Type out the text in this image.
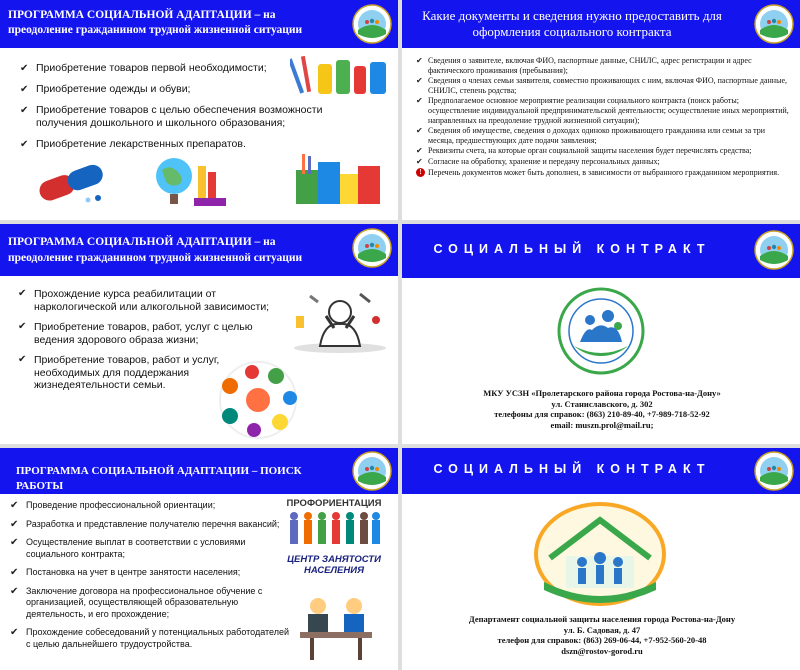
ПРОГРАММА СОЦИАЛЬНОЙ АДАПТАЦИИ – на преодоление гражданином трудной жизненной ситуации
✔ Приобретение товаров первой необходимости;
✔ Приобретение одежды и обуви;
✔ Приобретение товаров с целью обеспечения возможности получения дошкольного и школьного образования;
✔ Приобретение лекарственных препаратов.
Какие документы и сведения нужно предоставить для оформления социального контракта
✔ Сведения о заявителе, включая ФИО, паспортные данные, СНИЛС, адрес регистрации и адрес фактического проживания (пребывания);
✔ Сведения о членах семьи заявителя, совместно проживающих с ним, включая ФИО, паспортные данные, СНИЛС, степень родства;
✔ Предполагаемое основное мероприятие реализации социального контракта (поиск работы; осуществление индивидуальной предпринимательской деятельности; осуществление иных мероприятий, направленных на преодоление трудной жизненной ситуации);
✔ Сведения об имуществе, сведения о доходах одиноко проживающего гражданина или семьи за три месяца, предшествующих дате подачи заявления;
✔ Реквизиты счета, на которые орган социальной защиты населения будет перечислять средства;
✔ Согласие на обработку, хранение и передачу персональных данных;
! Перечень документов может быть дополнен, в зависимости от выбранного гражданином мероприятия.
ПРОГРАММА СОЦИАЛЬНОЙ АДАПТАЦИИ – на преодоление гражданином трудной жизненной ситуации
✔ Прохождение курса реабилитации от наркологической или алкогольной зависимости;
✔ Приобретение товаров, работ, услуг с целью ведения здорового образа жизни;
✔ Приобретение товаров, работ и услуг, необходимых для поддержания жизнедеятельности семьи.
СОЦИАЛЬНЫЙ КОНТРАКТ
МКУ УСЗН «Пролетарского района города Ростова-на-Дону»
ул. Станиславского, д. 302
телефоны для справок: (863) 210-89-40, +7-989-718-52-92
email: muszn.prol@mail.ru;
ПРОГРАММА СОЦИАЛЬНОЙ АДАПТАЦИИ – ПОИСК РАБОТЫ
✔ Проведение профессиональной ориентации;
✔ Разработка и представление получателю перечня вакансий;
✔ Осуществление выплат в соответствии с условиями социального контракта;
✔ Постановка на учет в центре занятости населения;
✔ Заключение договора на профессиональное обучение с организацией, осуществляющей образовательную деятельность, и его прохождение;
✔ Прохождение собеседований у потенциальных работодателей с целью дальнейшего трудоустройства.
ПРОФОРИЕНТАЦИЯ
ЦЕНТР ЗАНЯТОСТИ
НАСЕЛЕНИЯ
СОЦИАЛЬНЫЙ КОНТРАКТ
Департамент социальной защиты населения города Ростова-на-Дону
ул. Б. Садовая, д. 47
телефон для справок: (863) 269-06-44, +7-952-560-20-48
dszn@rostov-gorod.ru
